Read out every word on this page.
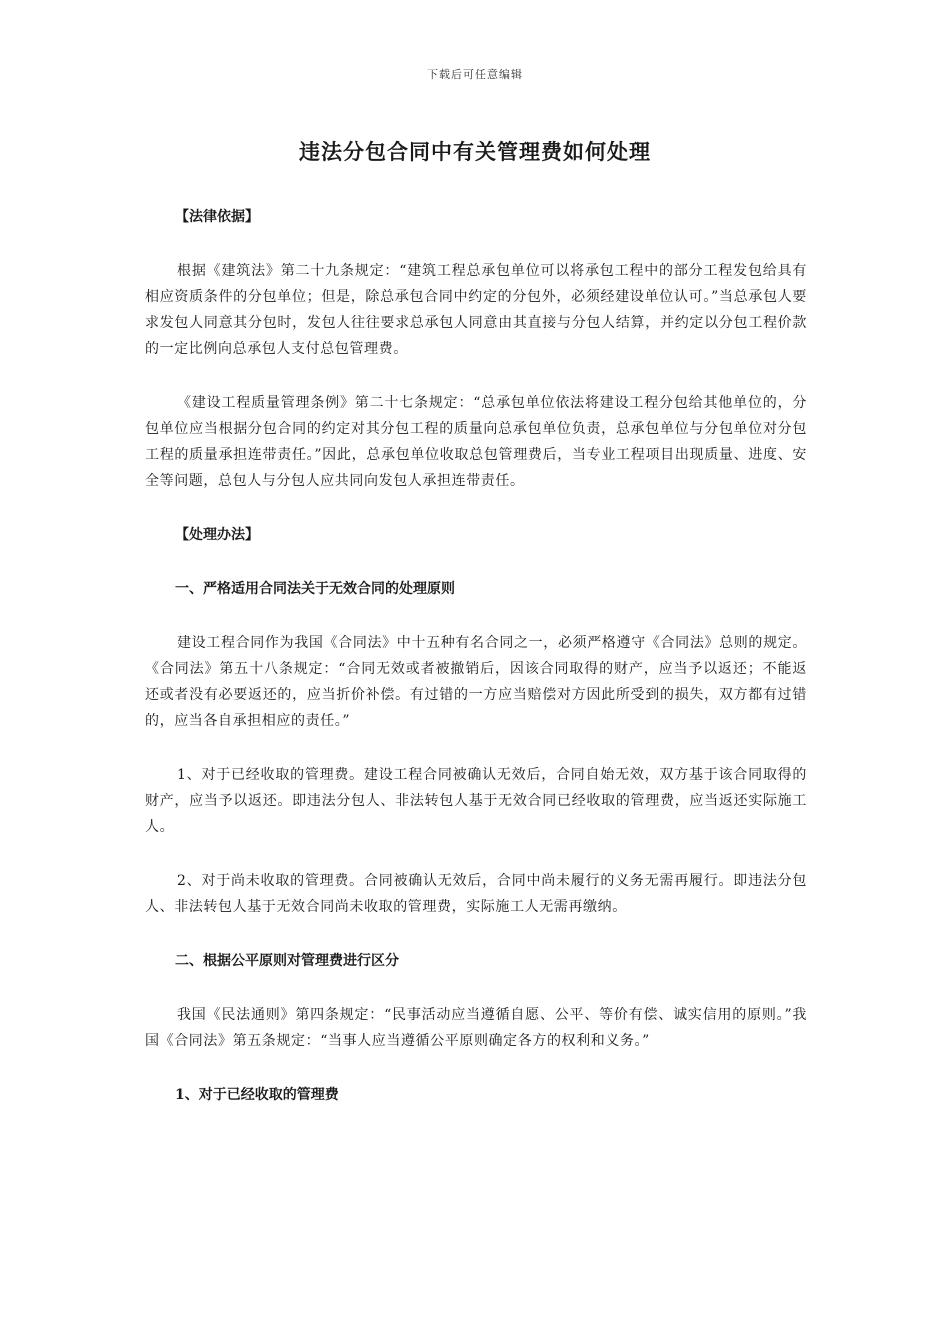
下载后可任意编辑
违法分包合同中有关管理费如何处理

【法律依据】

根据《建筑法》第二十九条规定：“建筑工程总承包单位可以将承包工程中的部分工程发包给具有相应资质条件的分包单位；但是，除总承包合同中约定的分包外，必须经建设单位认可。”当总承包人要求发包人同意其分包时，发包人往往要求总承包人同意由其直接与分包人结算，并约定以分包工程价款的一定比例向总承包人支付总包管理费。

《建设工程质量管理条例》第二十七条规定：“总承包单位依法将建设工程分包给其他单位的，分包单位应当根据分包合同的约定对其分包工程的质量向总承包单位负责，总承包单位与分包单位对分包工程的质量承担连带责任。”因此，总承包单位收取总包管理费后，当专业工程项目出现质量、进度、安全等问题，总包人与分包人应共同向发包人承担连带责任。

【处理办法】

一、严格适用合同法关于无效合同的处理原则

建设工程合同作为我国《合同法》中十五种有名合同之一，必须严格遵守《合同法》总则的规定。《合同法》第五十八条规定：“合同无效或者被撤销后，因该合同取得的财产，应当予以返还；不能返还或者没有必要返还的，应当折价补偿。有过错的一方应当赔偿对方因此所受到的损失，双方都有过错的，应当各自承担相应的责任。”

1、对于已经收取的管理费。建设工程合同被确认无效后，合同自始无效，双方基于该合同取得的财产，应当予以返还。即违法分包人、非法转包人基于无效合同已经收取的管理费，应当返还实际施工人。

2、对于尚未收取的管理费。合同被确认无效后，合同中尚未履行的义务无需再履行。即违法分包人、非法转包人基于无效合同尚未收取的管理费，实际施工人无需再缴纳。

二、根据公平原则对管理费进行区分

我国《民法通则》第四条规定：“民事活动应当遵循自愿、公平、等价有偿、诚实信用的原则。”我国《合同法》第五条规定：“当事人应当遵循公平原则确定各方的权利和义务。”

1、对于已经收取的管理费
